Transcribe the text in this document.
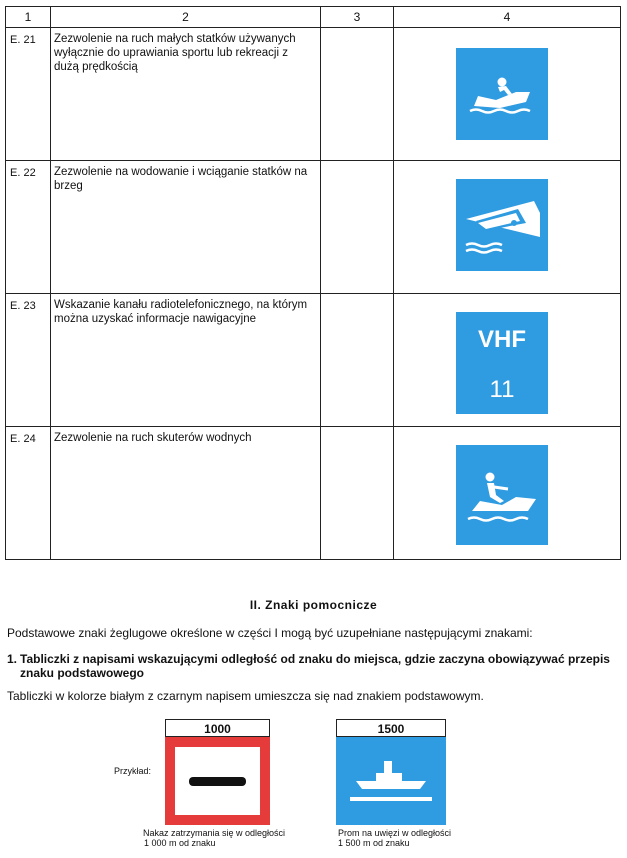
1	2	3	4

E. 21	Zezwolenie na ruch małych statków używanych wyłącznie do uprawiania sportu lub rekreacji z dużą prędkością

E. 22	Zezwolenie na wodowanie i wciąganie statków na brzeg

E. 23	Wskazanie kanału radiotelefonicznego, na którym można uzyskać informacje nawigacyjne		VHF
11

E. 24	Zezwolenie na ruch skuterów wodnych

II. Znaki pomocnicze
Podstawowe znaki żeglugowe określone w części I mogą być uzupełniane następującymi znakami:
1. Tabliczki z napisami wskazującymi odległość od znaku do miejsca, gdzie zaczyna obowiązywać przepis znaku podstawowego
Tabliczki w kolorze białym z czarnym napisem umieszcza się nad znakiem podstawowym.
Przykład:
1000
Nakaz zatrzymania się w odległości
1 000 m od znaku
1500
Prom na uwięzi w odległości
1 500 m od znaku
